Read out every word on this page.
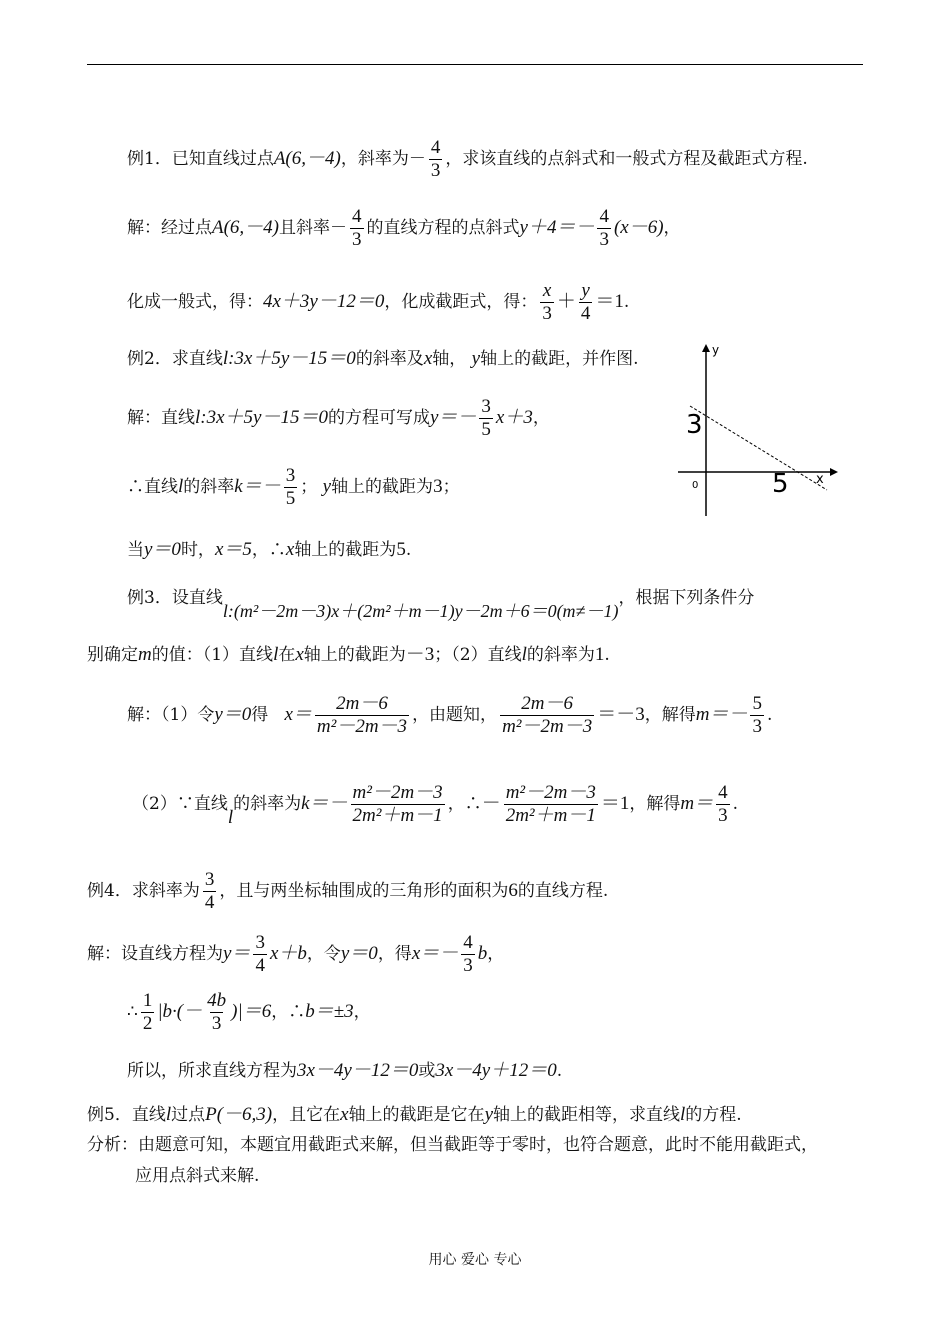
例1．已知直线过点A(6,－4)，斜率为－ $\frac{4}{3}$ ，求该直线的点斜式和一般式方程及截距式方程.
解：经过点A(6,－4)且斜率－ $\frac{4}{3}$ 的直线方程的点斜式$y+4=- \frac{4}{3} (x-6)$，
化成一般式，得：4x＋3y－12＝0，化成截距式，得： $\frac{x}{3} + \frac{y}{4} =1$.
例2．求直线l:3x＋5y－15＝0的斜率及x轴， y轴上的截距，并作图.
解：直线l:3x＋5y－15＝0的方程可写成$y=- \frac{3}{5} x+3$，
∴直线l的斜率$k=- \frac{3}{5}$ ； y轴上的截距为3；
当y＝0时，x＝5，∴x轴上的截距为5.
y
x
0
3
5
例3．设直线l:(m²－2m－3)x＋(2m²＋m－1)y－2m＋6＝0(m≠－1)，根据下列条件分
别确定m的值：（1）直线l在x轴上的截距为－3；（2）直线l的斜率为1.
解：（1）令y＝0得 $x= \frac{2m-6}{\text{m²－2m－3}}$ ，由题知， $\frac{2m-6}{\text{m²－2m－3}} =-3$，解得$m=- \frac{5}{3}$ .
（2）∵直线l的斜率为$k=- \frac{\text{m²－2m－3}}{\text{2m²＋m－1}}$ ，∴－ $\frac{\text{m²－2m－3}}{\text{2m²＋m－1}} =1$，解得$m= \frac{4}{3}$ .
例4．求斜率为 $\frac{3}{4}$ ，且与两坐标轴围成的三角形的面积为6的直线方程.
解：设直线方程为$y= \frac{3}{4} x+b$，令y＝0，得$x=- \frac{4}{3}$ b，
∴ $\frac{1}{2} |b\cdot(- \frac{4b}{3} )|=6$，∴b＝±3，
所以，所求直线方程为3x－4y－12＝0或3x－4y＋12＝0.
例5．直线l过点P(－6,3)，且它在x轴上的截距是它在y轴上的截距相等，求直线l的方程.
分析：由题意可知，本题宜用截距式来解，但当截距等于零时，也符合题意，此时不能用截距式，
应用点斜式来解.
用心 爱心 专心
